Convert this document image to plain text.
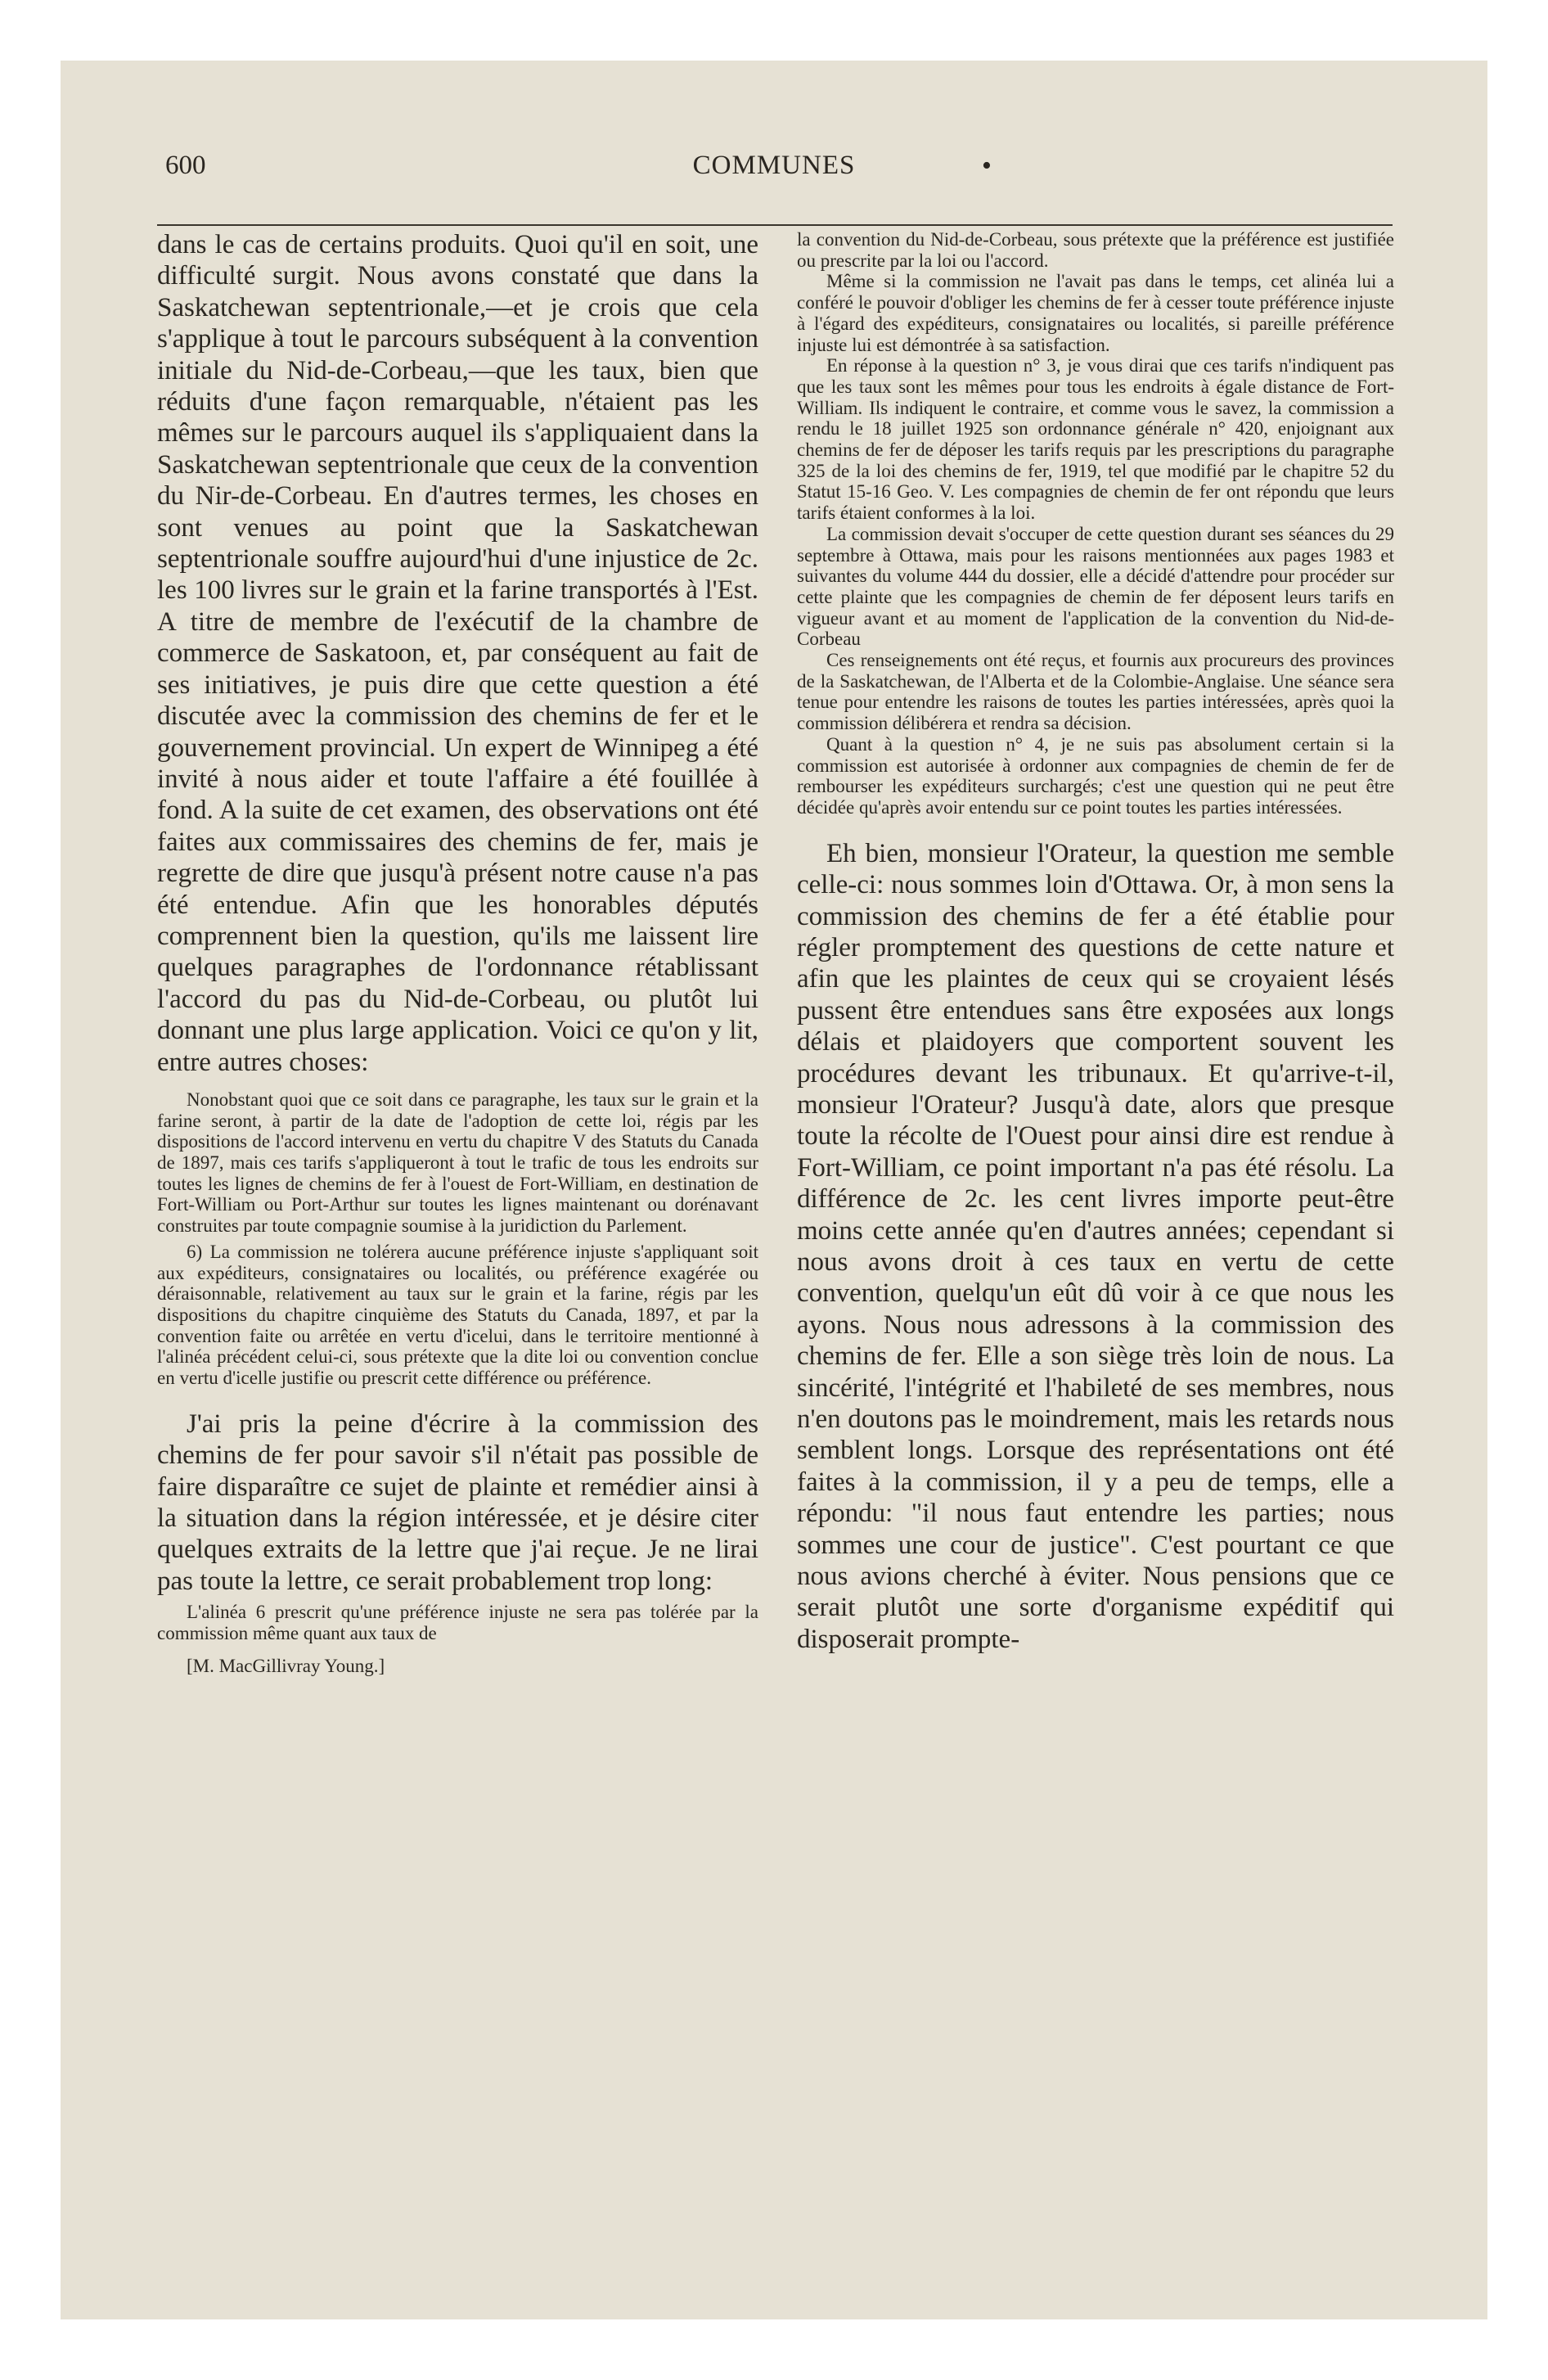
600	COMMUNES	•

dans le cas de certains produits. Quoi qu'il en soit, une difficulté surgit. Nous avons constaté que dans la Saskatchewan septentrionale,—et je crois que cela s'applique à tout le parcours subséquent à la convention initiale du Nid-de-Corbeau,—que les taux, bien que réduits d'une façon remarquable, n'étaient pas les mêmes sur le parcours auquel ils s'appliquaient dans la Saskatchewan septentrionale que ceux de la convention du Nir-de-Corbeau. En d'autres termes, les choses en sont venues au point que la Saskatchewan septentrionale souffre aujourd'hui d'une injustice de 2c. les 100 livres sur le grain et la farine transportés à l'Est. A titre de membre de l'exécutif de la chambre de commerce de Saskatoon, et, par conséquent au fait de ses initiatives, je puis dire que cette question a été discutée avec la commission des chemins de fer et le gouvernement provincial. Un expert de Winnipeg a été invité à nous aider et toute l'affaire a été fouillée à fond. A la suite de cet examen, des observations ont été faites aux commissaires des chemins de fer, mais je regrette de dire que jusqu'à présent notre cause n'a pas été entendue. Afin que les honorables députés comprennent bien la question, qu'ils me laissent lire quelques paragraphes de l'ordonnance rétablissant l'accord du pas du Nid-de-Corbeau, ou plutôt lui donnant une plus large application. Voici ce qu'on y lit, entre autres choses:

Nonobstant quoi que ce soit dans ce paragraphe, les taux sur le grain et la farine seront, à partir de la date de l'adoption de cette loi, régis par les dispositions de l'accord intervenu en vertu du chapitre V des Statuts du Canada de 1897, mais ces tarifs s'appliqueront à tout le trafic de tous les endroits sur toutes les lignes de chemins de fer à l'ouest de Fort-William, en destination de Fort-William ou Port-Arthur sur toutes les lignes maintenant ou dorénavant construites par toute compagnie soumise à la juridiction du Parlement.

6) La commission ne tolérera aucune préférence injuste s'appliquant soit aux expéditeurs, consignataires ou localités, ou préférence exagérée ou déraisonnable, relativement au taux sur le grain et la farine, régis par les dispositions du chapitre cinquième des Statuts du Canada, 1897, et par la convention faite ou arrêtée en vertu d'icelui, dans le territoire mentionné à l'alinéa précédent celui-ci, sous prétexte que la dite loi ou convention conclue en vertu d'icelle justifie ou prescrit cette différence ou préférence.

J'ai pris la peine d'écrire à la commission des chemins de fer pour savoir s'il n'était pas possible de faire disparaître ce sujet de plainte et remédier ainsi à la situation dans la région intéressée, et je désire citer quelques extraits de la lettre que j'ai reçue. Je ne lirai pas toute la lettre, ce serait probablement trop long:

L'alinéa 6 prescrit qu'une préférence injuste ne sera pas tolérée par la commission même quant aux taux de

[M. MacGillivray Young.]

la convention du Nid-de-Corbeau, sous prétexte que la préférence est justifiée ou prescrite par la loi ou l'accord.

Même si la commission ne l'avait pas dans le temps, cet alinéa lui a conféré le pouvoir d'obliger les chemins de fer à cesser toute préférence injuste à l'égard des expéditeurs, consignataires ou localités, si pareille préférence injuste lui est démontrée à sa satisfaction.

En réponse à la question n° 3, je vous dirai que ces tarifs n'indiquent pas que les taux sont les mêmes pour tous les endroits à égale distance de Fort-William. Ils indiquent le contraire, et comme vous le savez, la commission a rendu le 18 juillet 1925 son ordonnance générale n° 420, enjoignant aux chemins de fer de déposer les tarifs requis par les prescriptions du paragraphe 325 de la loi des chemins de fer, 1919, tel que modifié par le chapitre 52 du Statut 15-16 Geo. V. Les compagnies de chemin de fer ont répondu que leurs tarifs étaient conformes à la loi.

La commission devait s'occuper de cette question durant ses séances du 29 septembre à Ottawa, mais pour les raisons mentionnées aux pages 1983 et suivantes du volume 444 du dossier, elle a décidé d'attendre pour procéder sur cette plainte que les compagnies de chemin de fer déposent leurs tarifs en vigueur avant et au moment de l'application de la convention du Nid-de-Corbeau

Ces renseignements ont été reçus, et fournis aux procureurs des provinces de la Saskatchewan, de l'Alberta et de la Colombie-Anglaise. Une séance sera tenue pour entendre les raisons de toutes les parties intéressées, après quoi la commission délibérera et rendra sa décision.

Quant à la question n° 4, je ne suis pas absolument certain si la commission est autorisée à ordonner aux compagnies de chemin de fer de rembourser les expéditeurs surchargés; c'est une question qui ne peut être décidée qu'après avoir entendu sur ce point toutes les parties intéressées.

Eh bien, monsieur l'Orateur, la question me semble celle-ci: nous sommes loin d'Ottawa. Or, à mon sens la commission des chemins de fer a été établie pour régler promptement des questions de cette nature et afin que les plaintes de ceux qui se croyaient lésés pussent être entendues sans être exposées aux longs délais et plaidoyers que comportent souvent les procédures devant les tribunaux. Et qu'arrive-t-il, monsieur l'Orateur? Jusqu'à date, alors que presque toute la récolte de l'Ouest pour ainsi dire est rendue à Fort-William, ce point important n'a pas été résolu. La différence de 2c. les cent livres importe peut-être moins cette année qu'en d'autres années; cependant si nous avons droit à ces taux en vertu de cette convention, quelqu'un eût dû voir à ce que nous les ayons. Nous nous adressons à la commission des chemins de fer. Elle a son siège très loin de nous. La sincérité, l'intégrité et l'habileté de ses membres, nous n'en doutons pas le moindrement, mais les retards nous semblent longs. Lorsque des représentations ont été faites à la commission, il y a peu de temps, elle a répondu: "il nous faut entendre les parties; nous sommes une cour de justice". C'est pourtant ce que nous avions cherché à éviter. Nous pensions que ce serait plutôt une sorte d'organisme expéditif qui disposerait prompte-
